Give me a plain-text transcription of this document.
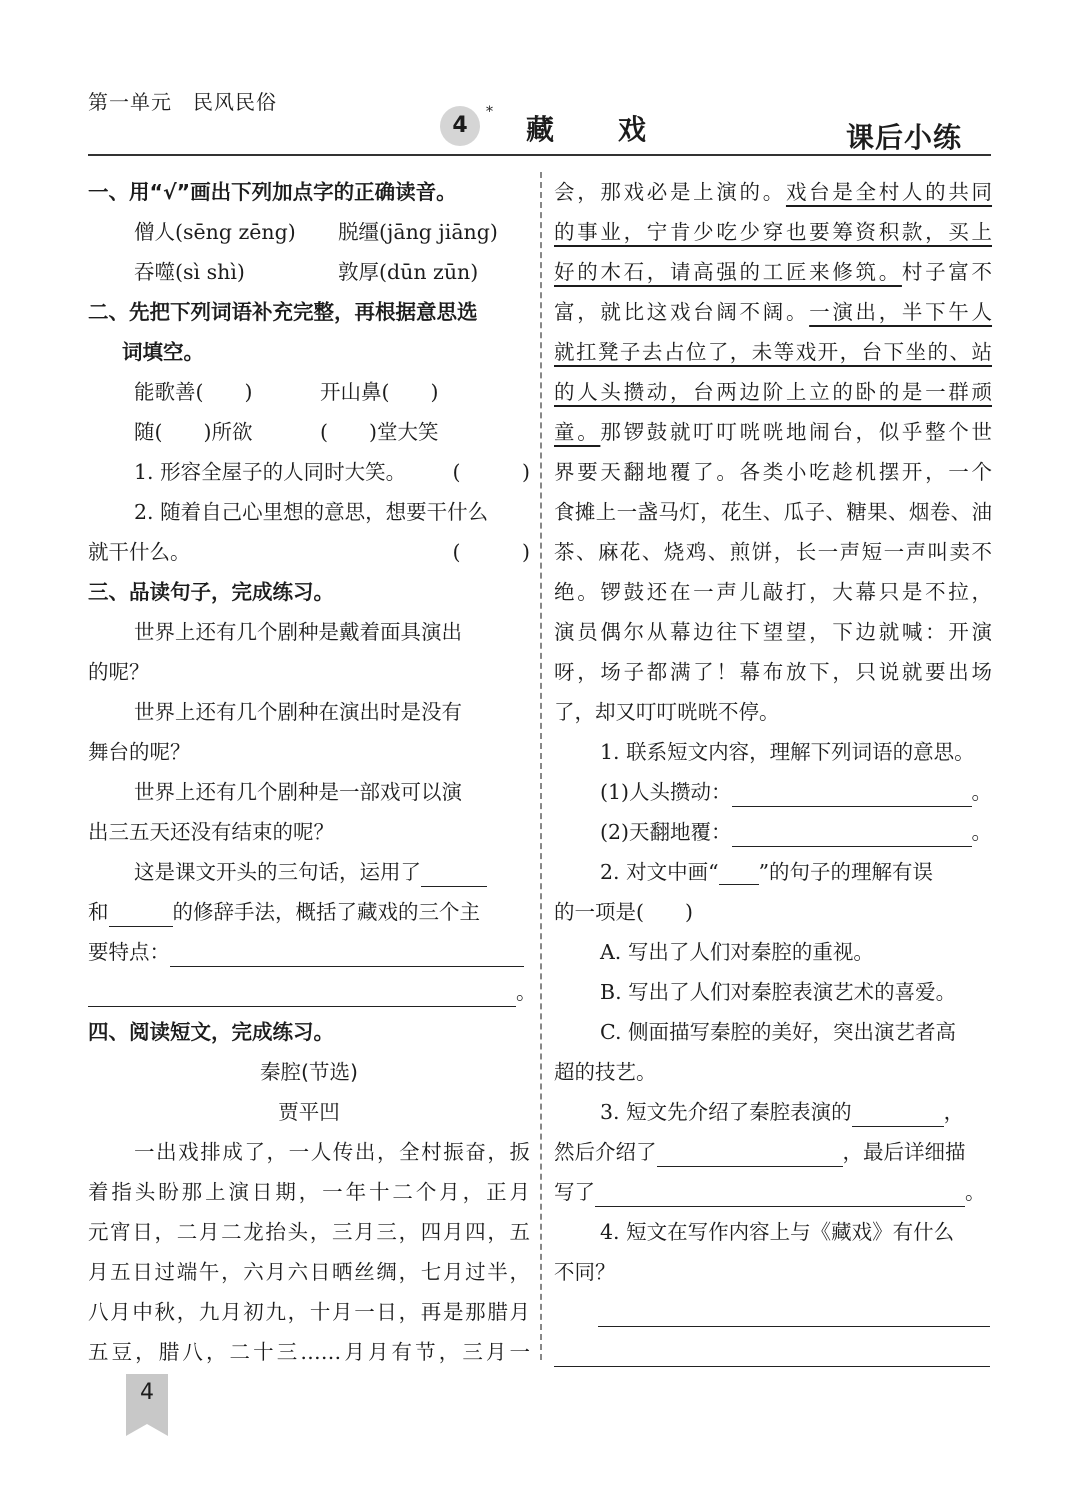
第一单元　民风民俗
4
*
藏戏	课后小练

一、用“√”画出下列加点字的正确读音。

僧人(sēng zēng) 脱缰(jāng jiāng)

吞噬(sì shì)	敦厚(dūn zūn)

二、先把下列词语补充完整，再根据意思选

词填空。

能歌善(　　)	开山鼻(　　)

随(　　)所欲	(　　)堂大笑

1. 形容全屋子的人同时大笑。 (　　　)

2. 随着自己心里想的意思，想要干什么

就干什么。	(　　　)

三、品读句子，完成练习。

世界上还有几个剧种是戴着面具演出

的呢？

世界上还有几个剧种在演出时是没有

舞台的呢？

世界上还有几个剧种是一部戏可以演

出三五天还没有结束的呢？

这是课文开头的三句话，运用了

和	的修辞手法，概括了藏戏的三个主

要特点：

。

四、阅读短文，完成练习。

秦腔(节选)

贾平凹

一出戏排成了，一人传出，全村振奋，扳

着指头盼那上演日期，一年十二个月，正月

元宵日，二月二龙抬头，三月三，四月四，五

月五日过端午，六月六日晒丝绸，七月过半，

八月中秋，九月初九，十月一日，再是那腊月

五豆，腊八，二十三……月月有节，三月一

会，那戏必是上演的。戏台是全村人的共同

的事业，宁肯少吃少穿也要筹资积款，买上

好的木石，请高强的工匠来修筑。村子富不

富，就比这戏台阔不阔。一演出，半下午人

就扛凳子去占位了，未等戏开，台下坐的、站

的人头攒动，台两边阶上立的卧的是一群顽

童。那锣鼓就叮叮咣咣地闹台，似乎整个世

界要天翻地覆了。各类小吃趁机摆开，一个

食摊上一盏马灯，花生、瓜子、糖果、烟卷、油

茶、麻花、烧鸡、煎饼，长一声短一声叫卖不

绝。锣鼓还在一声儿敲打，大幕只是不拉，

演员偶尔从幕边往下望望，下边就喊：开演

呀，场子都满了！幕布放下，只说就要出场

了，却又叮叮咣咣不停。

1. 联系短文内容，理解下列词语的意思。

(1)人头攒动：	。

(2)天翻地覆：	。

2. 对文中画“ ”的句子的理解有误

的一项是(　　)

A. 写出了人们对秦腔的重视。

B. 写出了人们对秦腔表演艺术的喜爱。

C. 侧面描写秦腔的美好，突出演艺者高

超的技艺。

3. 短文先介绍了秦腔表演的	，

然后介绍了	，最后详细描

写了	。

4. 短文在写作内容上与《藏戏》有什么

不同？

4
